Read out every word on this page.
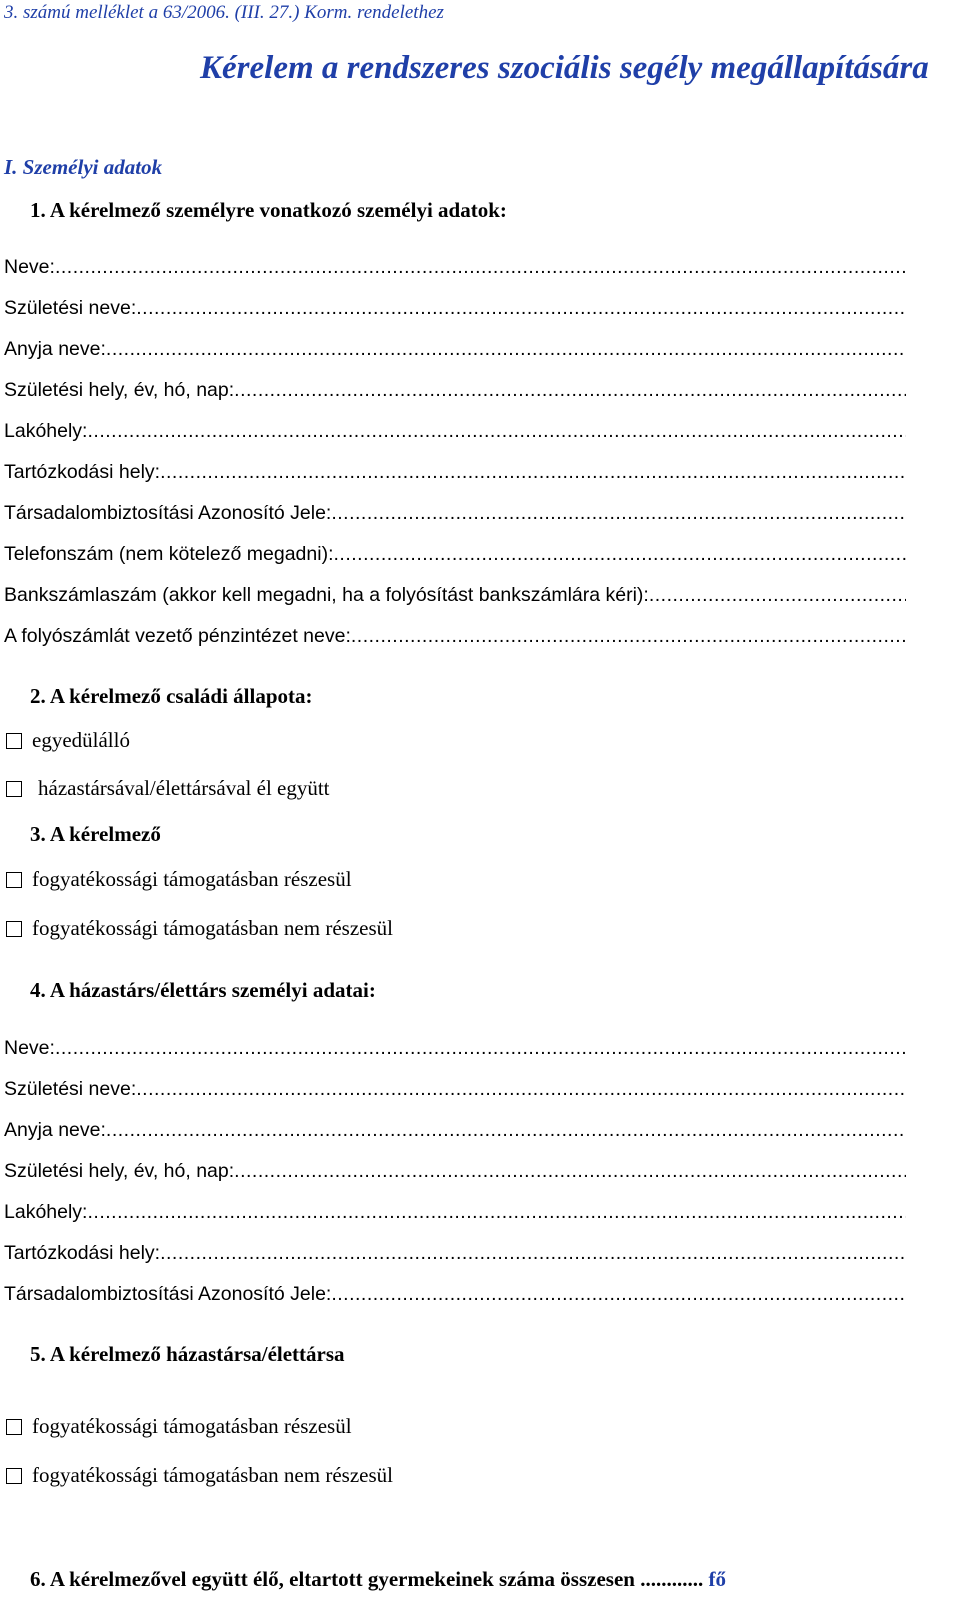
3. számú melléklet a 63/2006. (III. 27.) Korm. rendelethez
Kérelem a rendszeres szociális segély megállapítására
I. Személyi adatok
1. A kérelmező személyre vonatkozó személyi adatok:
Neve:
.....
Születési neve:
.....
Anyja neve:
.....
Születési hely, év, hó, nap:
.....
Lakóhely:
.....
Tartózkodási hely:
.....
Társadalombiztosítási Azonosító Jele:
.....
Telefonszám (nem kötelező megadni):
.....
Bankszámlaszám (akkor kell megadni, ha a folyósítást bankszámlára kéri):
.....
A folyószámlát vezető pénzintézet neve:
.....
2. A kérelmező családi állapota:
egyedülálló
házastársával/élettársával él együtt
3. A kérelmező
fogyatékossági támogatásban részesül
fogyatékossági támogatásban nem részesül
4. A házastárs/élettárs személyi adatai:
Neve:
.....
Születési neve:
.....
Anyja neve:
.....
Születési hely, év, hó, nap:
.....
Lakóhely:
.....
Tartózkodási hely:
.....
Társadalombiztosítási Azonosító Jele:
.....
5. A kérelmező házastársa/élettársa
fogyatékossági támogatásban részesül
fogyatékossági támogatásban nem részesül
6. A kérelmezővel együtt élő, eltartott gyermekeinek száma összesen ............ fő
